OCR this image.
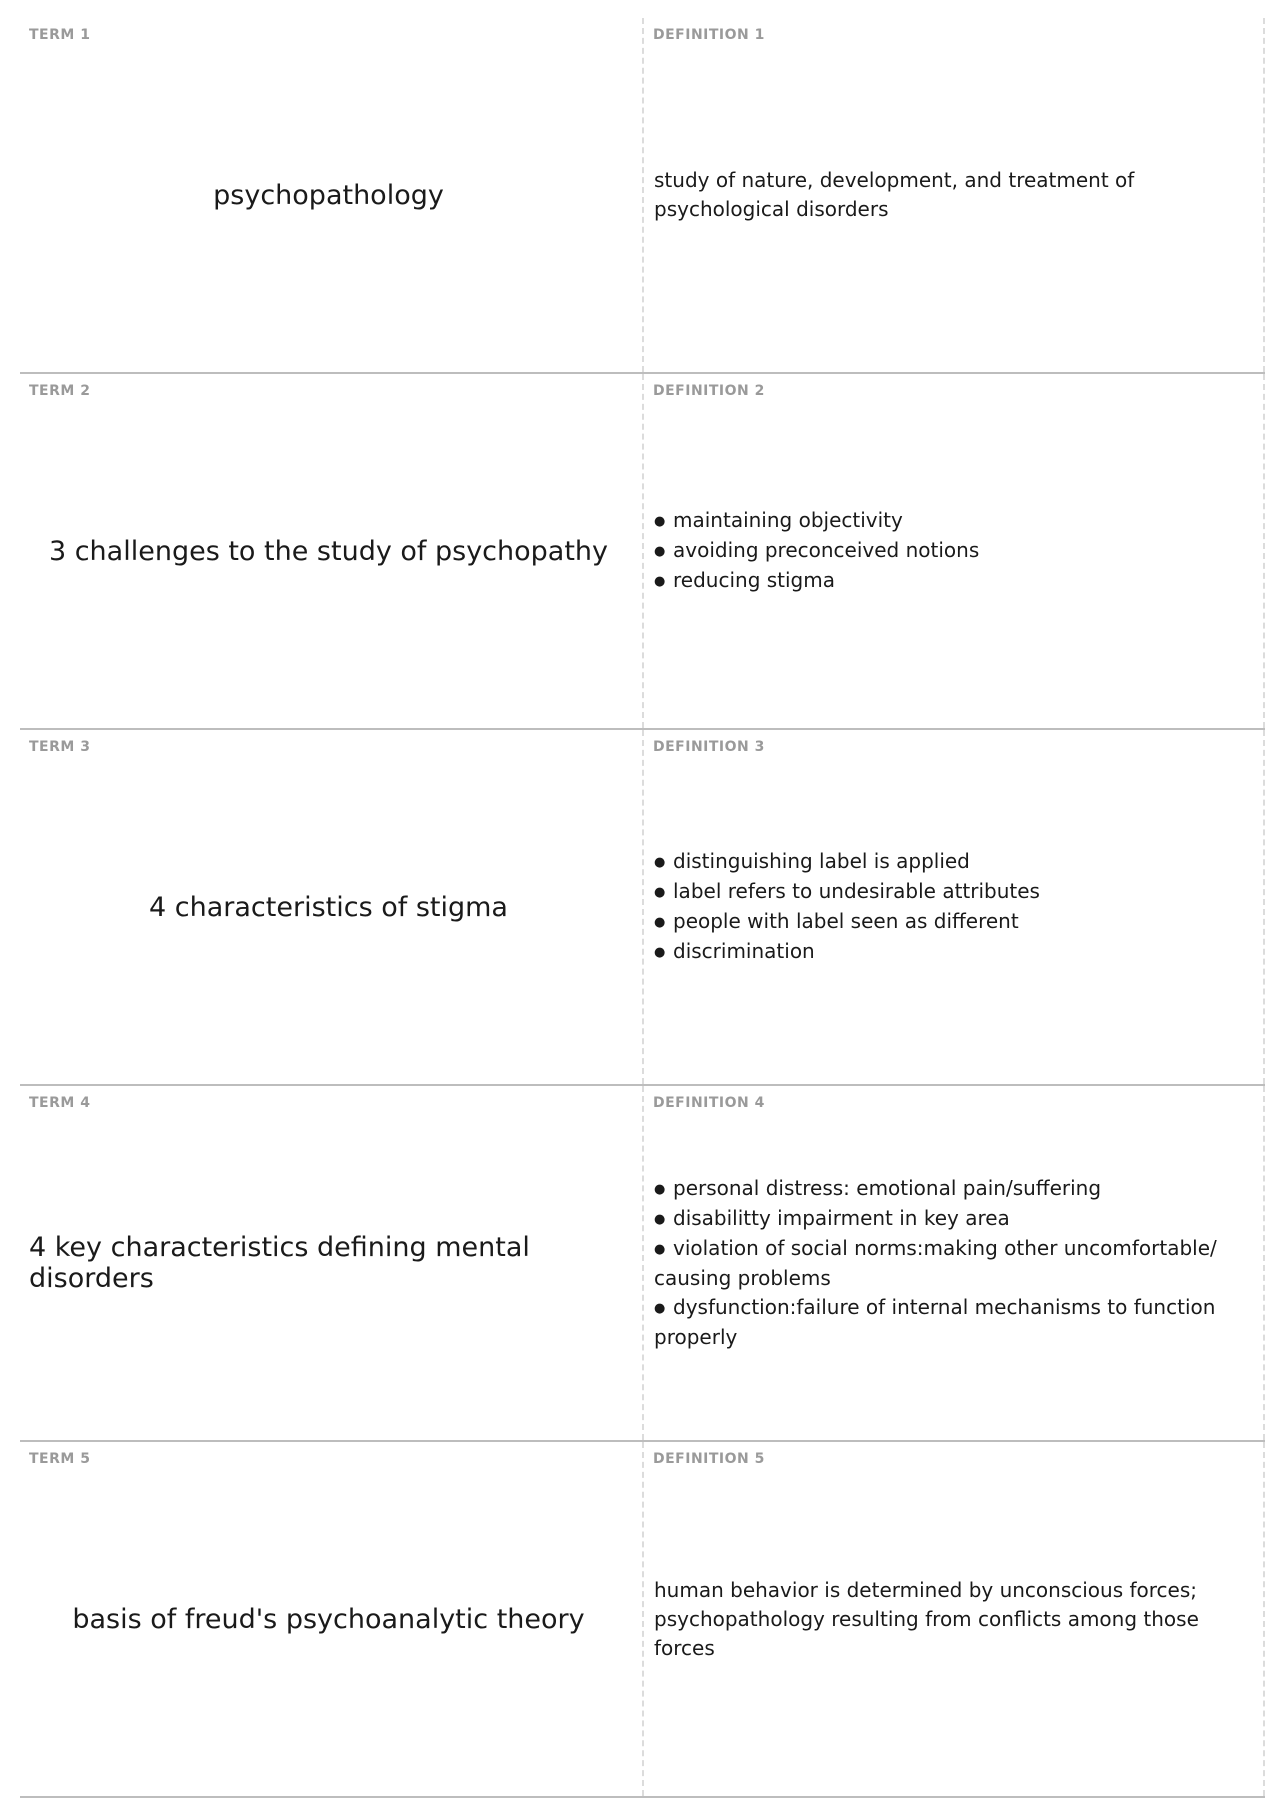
TERM 1
psychopathology
DEFINITION 1

study of nature, development, and treatment of psychological disorders

TERM 2
3 challenges to the study of psychopathy
DEFINITION 2

● maintaining objectivity

● avoiding preconceived notions

● reducing stigma

TERM 3
4 characteristics of stigma
DEFINITION 3

● distinguishing label is applied

● label refers to undesirable attributes

● people with label seen as different

● discrimination

TERM 4
4 key characteristics defining mental disorders
DEFINITION 4

● personal distress: emotional pain/suffering

● disabilitty impairment in key area

● violation of social norms:making other uncomfortable/ causing problems

● dysfunction:failure of internal mechanisms to function properly

TERM 5
basis of freud's psychoanalytic theory
DEFINITION 5

human behavior is determined by unconscious forces; psychopathology resulting from conflicts among those forces
